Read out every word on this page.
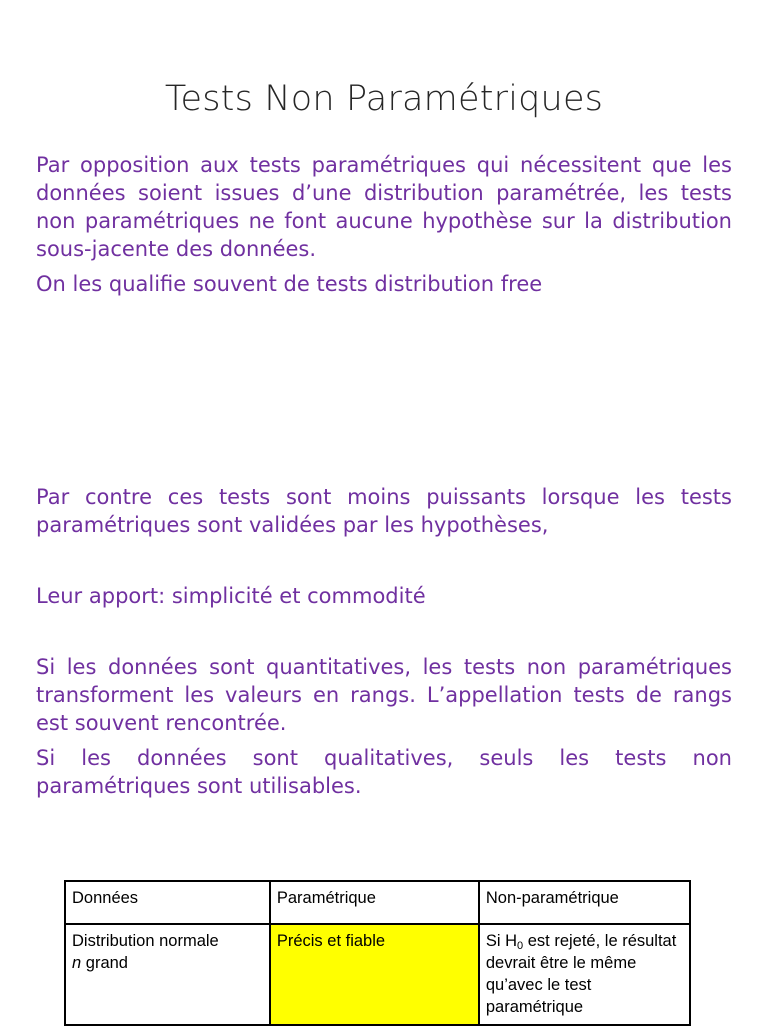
Tests Non Paramétriques

Par opposition aux tests paramétriques qui nécessitent que les données soient issues d’une distribution paramétrée, les tests non paramétriques ne font aucune hypothèse sur la distribution sous-jacente des données.

On les qualifie souvent de tests distribution free

Par contre ces tests sont moins puissants lorsque les tests paramétriques sont validées par les hypothèses,

Leur apport: simplicité et commodité

Si les données sont quantitatives, les tests non paramétriques transforment les valeurs en rangs. L’appellation tests de rangs est souvent rencontrée.

Si les données sont qualitatives, seuls les tests non paramétriques sont utilisables.

Données	Paramétrique	Non-paramétrique
Distribution normale
n grand	Précis et fiable	Si $H_0$ est rejeté, le résultat devrait être le même qu’avec le test paramétrique
